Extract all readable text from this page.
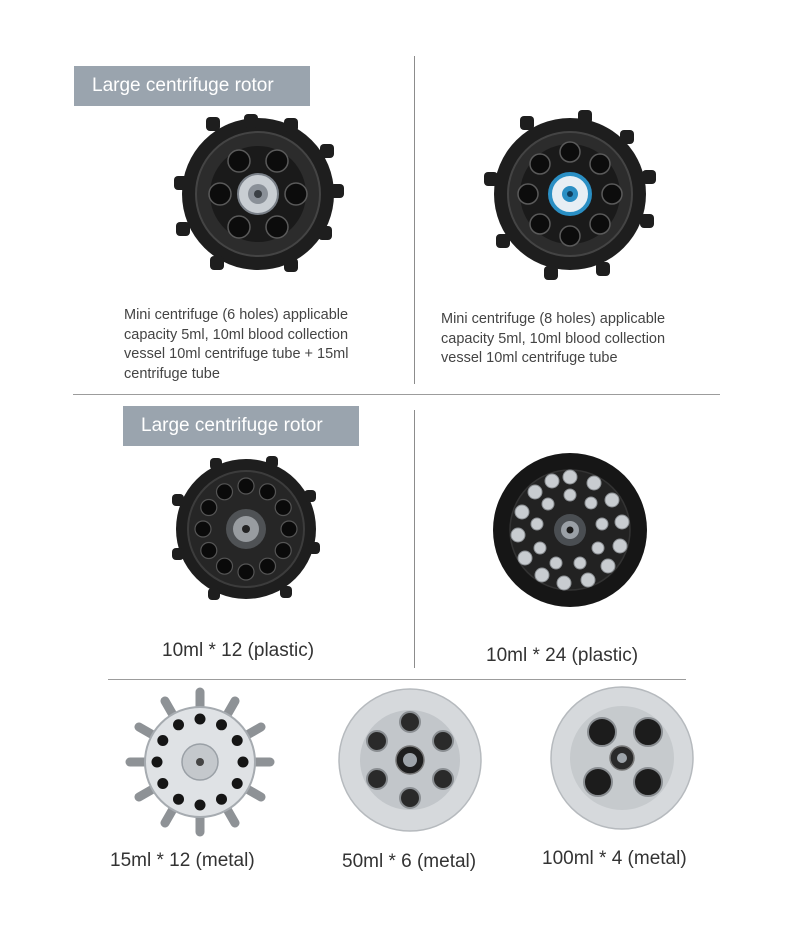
Large centrifuge rotor
Mini centrifuge (6 holes) applicable capacity 5ml, 10ml blood collection vessel 10ml centrifuge tube + 15ml centrifuge tube
Mini centrifuge (8 holes) applicable capacity 5ml, 10ml blood collection vessel 10ml centrifuge tube
Large centrifuge rotor
10ml * 12 (plastic)	10ml * 24 (plastic)
15ml * 12 (metal)	50ml * 6 (metal)	100ml * 4 (metal)
